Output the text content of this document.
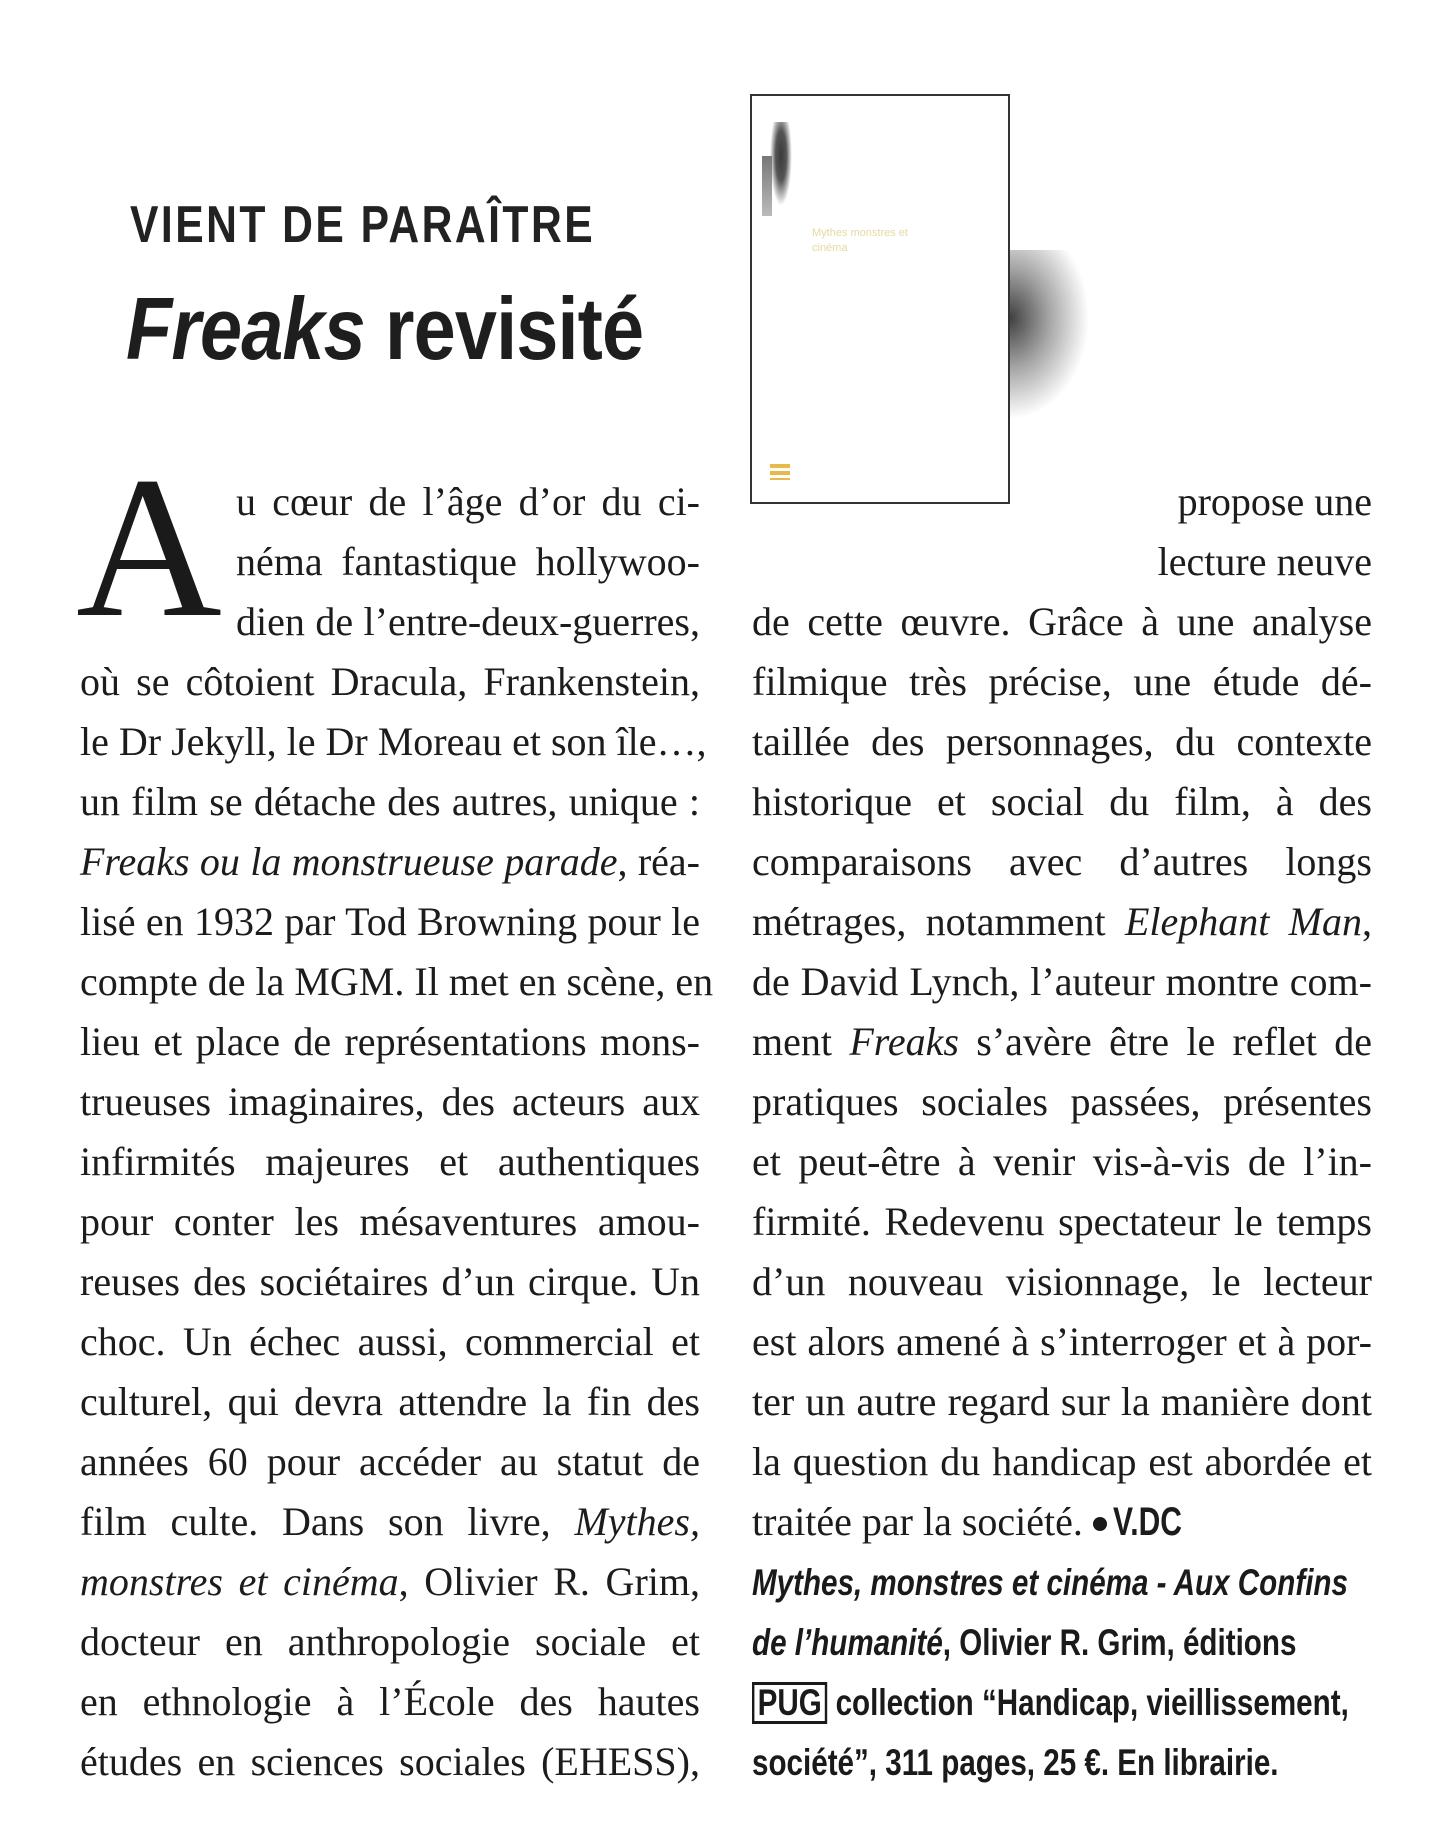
VIENT DE PARAÎTRE
Freaks revisité
Mythes monstres et cinéma
A u cœur de l’âge d’or du ci-
néma fantastique hollywoo-
dien de l’entre-deux-guerres,
où se côtoient Dracula, Frankenstein,
le Dr Jekyll, le Dr Moreau et son île…,
un film se détache des autres, unique :
Freaks ou la monstrueuse parade, réa-
lisé en 1932 par Tod Browning pour le
compte de la MGM. Il met en scène, en
lieu et place de représentations mons-
trueuses imaginaires, des acteurs aux
infirmités majeures et authentiques
pour conter les mésaventures amou-
reuses des sociétaires d’un cirque. Un
choc. Un échec aussi, commercial et
culturel, qui devra attendre la fin des
années 60 pour accéder au statut de
film culte. Dans son livre, Mythes,
monstres et cinéma, Olivier R. Grim,
docteur en anthropologie sociale et
en ethnologie à l’École des hautes
études en sciences sociales (EHESS),
propose une
lecture neuve
de cette œuvre. Grâce à une analyse
filmique très précise, une étude dé-
taillée des personnages, du contexte
historique et social du film, à des
comparaisons avec d’autres longs
métrages, notamment Elephant Man,
de David Lynch, l’auteur montre com-
ment Freaks s’avère être le reflet de
pratiques sociales passées, présentes
et peut-être à venir vis-à-vis de l’in-
firmité. Redevenu spectateur le temps
d’un nouveau visionnage, le lecteur
est alors amené à s’interroger et à por-
ter un autre regard sur la manière dont
la question du handicap est abordée et
traitée par la société. V.DC
Mythes, monstres et cinéma - Aux Confins
de l’humanité, Olivier R. Grim, éditions
PUG collection “Handicap, vieillissement,
société”, 311 pages, 25 €. En librairie.
